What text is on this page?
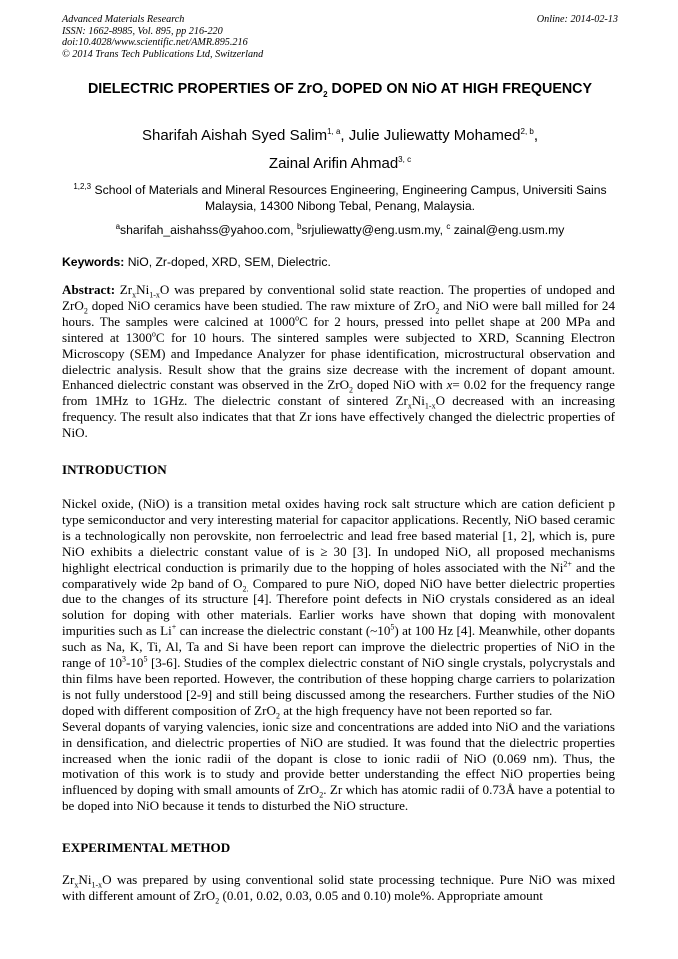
Advanced Materials Research
ISSN: 1662-8985, Vol. 895, pp 216-220
doi:10.4028/www.scientific.net/AMR.895.216
© 2014 Trans Tech Publications Ltd, Switzerland
Online: 2014-02-13
DIELECTRIC PROPERTIES OF ZrO$_2$ DOPED ON NiO AT HIGH FREQUENCY
Sharifah Aishah Syed Salim$^{1, a}$, Julie Juliewatty Mohamed$^{2, b}$,
Zainal Arifin Ahmad$^{3, c}$
$^{1,2,3}$ School of Materials and Mineral Resources Engineering, Engineering Campus, Universiti Sains Malaysia, 14300 Nibong Tebal, Penang, Malaysia.
$^a$sharifah_aishahss@yahoo.com, $^b$srjuliewatty@eng.usm.my, $^c$ zainal@eng.usm.my
Keywords: NiO, Zr-doped, XRD, SEM, Dielectric.

Abstract: $Zr_xNi_{1-x}O$ was prepared by conventional solid state reaction. The properties of undoped and ZrO$_2$ doped NiO ceramics have been studied. The raw mixture of ZrO$_2$ and NiO were ball milled for 24 hours. The samples were calcined at 1000$^o$C for 2 hours, pressed into pellet shape at 200 MPa and sintered at 1300$^o$C for 10 hours. The sintered samples were subjected to XRD, Scanning Electron Microscopy (SEM) and Impedance Analyzer for phase identification, microstructural observation and dielectric analysis. Result show that the grains size decrease with the increment of dopant amount. Enhanced dielectric constant was observed in the ZrO$_2$ doped NiO with x= 0.02 for the frequency range from 1MHz to 1GHz. The dielectric constant of sintered $Zr_xNi_{1-x}O$ decreased with an increasing frequency. The result also indicates that that Zr ions have effectively changed the dielectric properties of NiO.

INTRODUCTION

Nickel oxide, (NiO) is a transition metal oxides having rock salt structure which are cation deficient p type semiconductor and very interesting material for capacitor applications. Recently, NiO based ceramic is a technologically non perovskite, non ferroelectric and lead free based material [1, 2], which is, pure NiO exhibits a dielectric constant value of is ≥ 30 [3]. In undoped NiO, all proposed mechanisms highlight electrical conduction is primarily due to the hopping of holes associated with the $Ni^{2+}$ and the comparatively wide 2p band of $O_{2.}$ Compared to pure NiO, doped NiO have better dielectric properties due to the changes of its structure [4]. Therefore point defects in NiO crystals considered as an ideal solution for doping with other materials. Earlier works have shown that doping with monovalent impurities such as Li+ can increase the dielectric constant $(\sim 10^5)$ at 100 Hz [4]. Meanwhile, other dopants such as Na, K, Ti, Al, Ta and Si have been report can improve the dielectric properties of NiO in the range of $10^3-10^5$ [3-6]. Studies of the complex dielectric constant of NiO single crystals, polycrystals and thin films have been reported. However, the contribution of these hopping charge carriers to polarization is not fully understood [2-9] and still being discussed among the researchers. Further studies of the NiO doped with different composition of ZrO$_2$ at the high frequency have not been reported so far.

Several dopants of varying valencies, ionic size and concentrations are added into NiO and the variations in densification, and dielectric properties of NiO are studied. It was found that the dielectric properties increased when the ionic radii of the dopant is close to ionic radii of NiO (0.069 nm). Thus, the motivation of this work is to study and provide better understanding the effect NiO properties being influenced by doping with small amounts of ZrO$_2$. Zr which has atomic radii of 0.73Å have a potential to be doped into NiO because it tends to disturbed the NiO structure.

EXPERIMENTAL METHOD

$Zr_xNi_{1-x}O$ was prepared by using conventional solid state processing technique. Pure NiO was mixed with different amount of ZrO$_2$ (0.01, 0.02, 0.03, 0.05 and 0.10) mole%. Appropriate amount
